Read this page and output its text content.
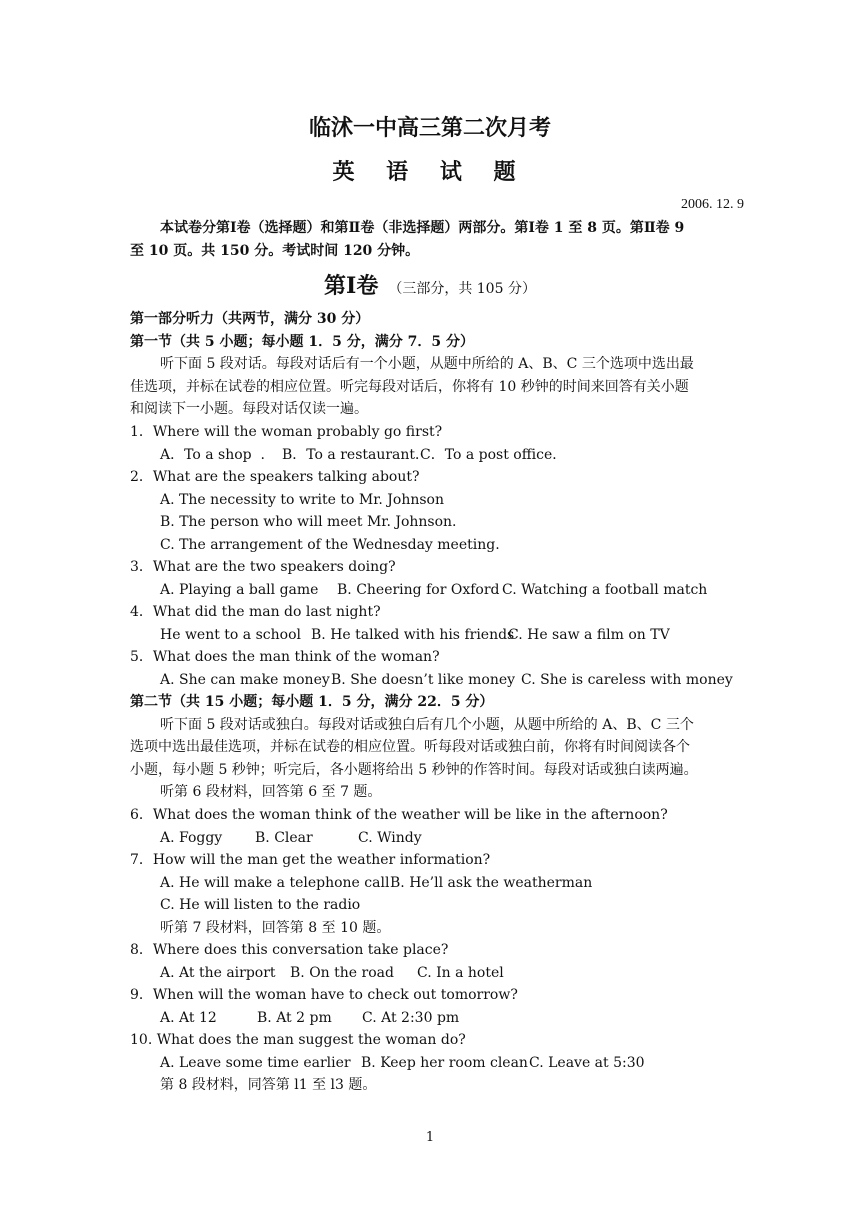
临沭一中高三第二次月考
英 语 试 题
2006. 12. 9
本试卷分第Ⅰ卷（选择题）和第Ⅱ卷（非选择题）两部分。第Ⅰ卷 1 至 8 页。第Ⅱ卷 9
至 10 页。共 150 分。考试时间 120 分钟。
第Ⅰ卷 （三部分，共 105 分）
第一部分听力（共两节，满分 30 分）
第一节（共 5 小题；每小题 1．5 分，满分 7．5 分）
听下面 5 段对话。每段对话后有一个小题，从题中所给的 A、B、C 三个选项中选出最
佳选项，并标在试卷的相应位置。听完每段对话后，你将有 10 秒钟的时间来回答有关小题
和阅读下一小题。每段对话仅读一遍。
1．Where will the woman probably go first?
A．To a shop  . B．To a restaurant．
C．To a post office．
2．What are the speakers talking about?
A. The necessity to write to Mr. Johnson
B. The person who will meet Mr. Johnson.
C. The arrangement of the Wednesday meeting.
3．What are the two speakers doing?
A. Playing a ball game B. Cheering for Oxford C. Watching a football match
4．What did the man do last night?
He went to a school B. He talked with his friends
C. He saw a film on TV
5．What does the man think of the woman?
A. She can make money B. She doesn’t like money C. She is careless with money
第二节（共 15 小题；每小题 1．5 分，满分 22．5 分）
听下面 5 段对话或独白。每段对话或独白后有几个小题，从题中所给的 A、B、C 三个
选项中选出最佳选项，并标在试卷的相应位置。听每段对话或独白前，你将有时间阅读各个
小题，每小题 5 秒钟；听完后，各小题将给出 5 秒钟的作答时间。每段对话或独白读两遍。
听第 6 段材料，回答第 6 至 7 题。
6．What does the woman think of the weather will be like in the afternoon?
A. Foggy B. Clear	C. Windy
7．How will the man get the weather information?
A. He will make a telephone call B. He’ll ask the weatherman
C. He will listen to the radio
听第 7 段材料，回答第 8 至 10 题。
8．Where does this conversation take place?
A. At the airport B. On the road C. In a hotel
9．When will the woman have to check out tomorrow?
A. At 12	B. At 2 pm C. At 2:30 pm
10. What does the man suggest the woman do?
A. Leave some time earlier B. Keep her room clean C. Leave at 5:30
第 8 段材料，同答第 l1 至 l3 题。
1
